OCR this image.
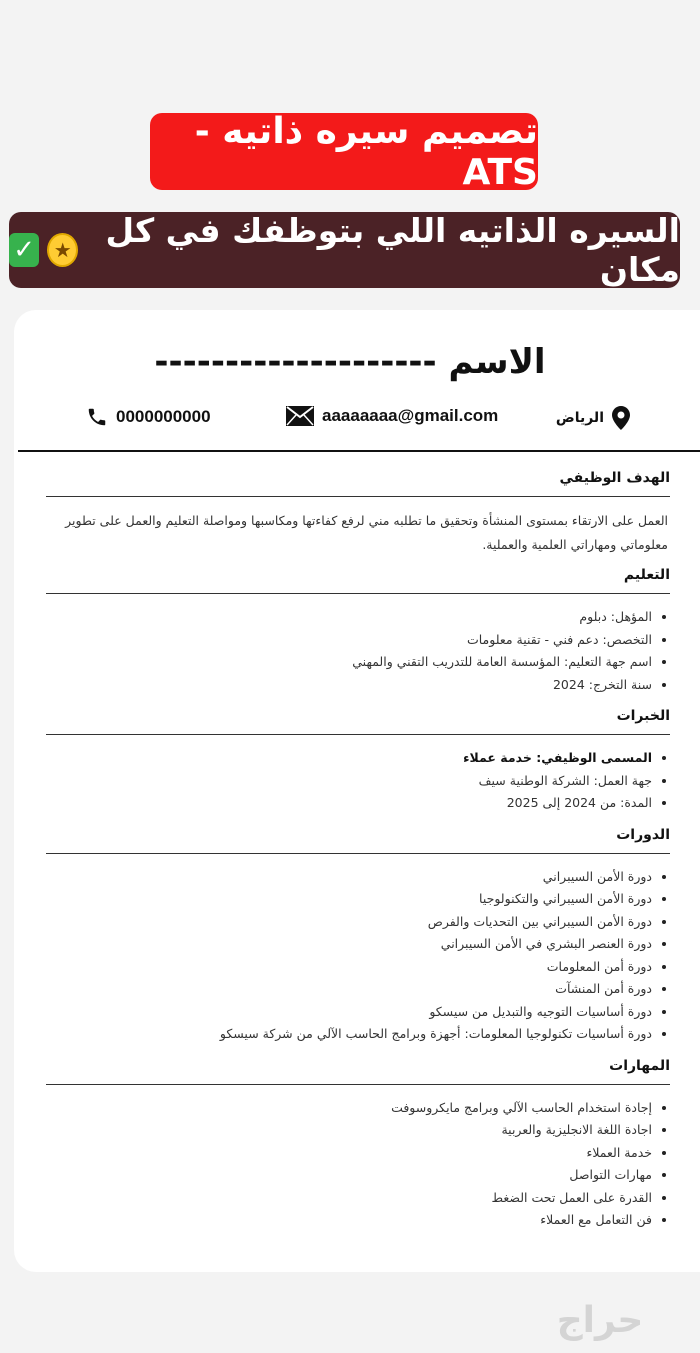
تصميم سيره ذاتيه - ATS
السيره الذاتيه اللي بتوظفك في كل مكان
★
✓
الاسم --------------------
الرياض
aaaaaaaa@gmail.com
0000000000
الهدف الوظيفي
العمل على الارتقاء بمستوى المنشأة وتحقيق ما تطلبه مني لرفع كفاءتها ومكاسبها ومواصلة التعليم والعمل على تطوير معلوماتي ومهاراتي العلمية والعملية.
التعليم
المؤهل: دبلوم
التخصص: دعم فني - تقنية معلومات
اسم جهة التعليم: المؤسسة العامة للتدريب التقني والمهني
سنة التخرج: 2024
الخبرات
المسمى الوظيفي: خدمة عملاء
جهة العمل: الشركة الوطنية سيف
المدة: من 2024 إلى 2025
الدورات
دورة الأمن السيبراني
دورة الأمن السيبراني والتكنولوجيا
دورة الأمن السيبراني بين التحديات والفرص
دورة العنصر البشري في الأمن السيبراني
دورة أمن المعلومات
دورة أمن المنشآت
دورة أساسيات التوجيه والتبديل من سيسكو
دورة أساسيات تكنولوجيا المعلومات: أجهزة وبرامج الحاسب الآلي من شركة سيسكو
المهارات
إجادة استخدام الحاسب الآلي وبرامج مايكروسوفت
اجادة اللغة الانجليزية والعربية
خدمة العملاء
مهارات التواصل
القدرة على العمل تحت الضغط
فن التعامل مع العملاء
حراج
